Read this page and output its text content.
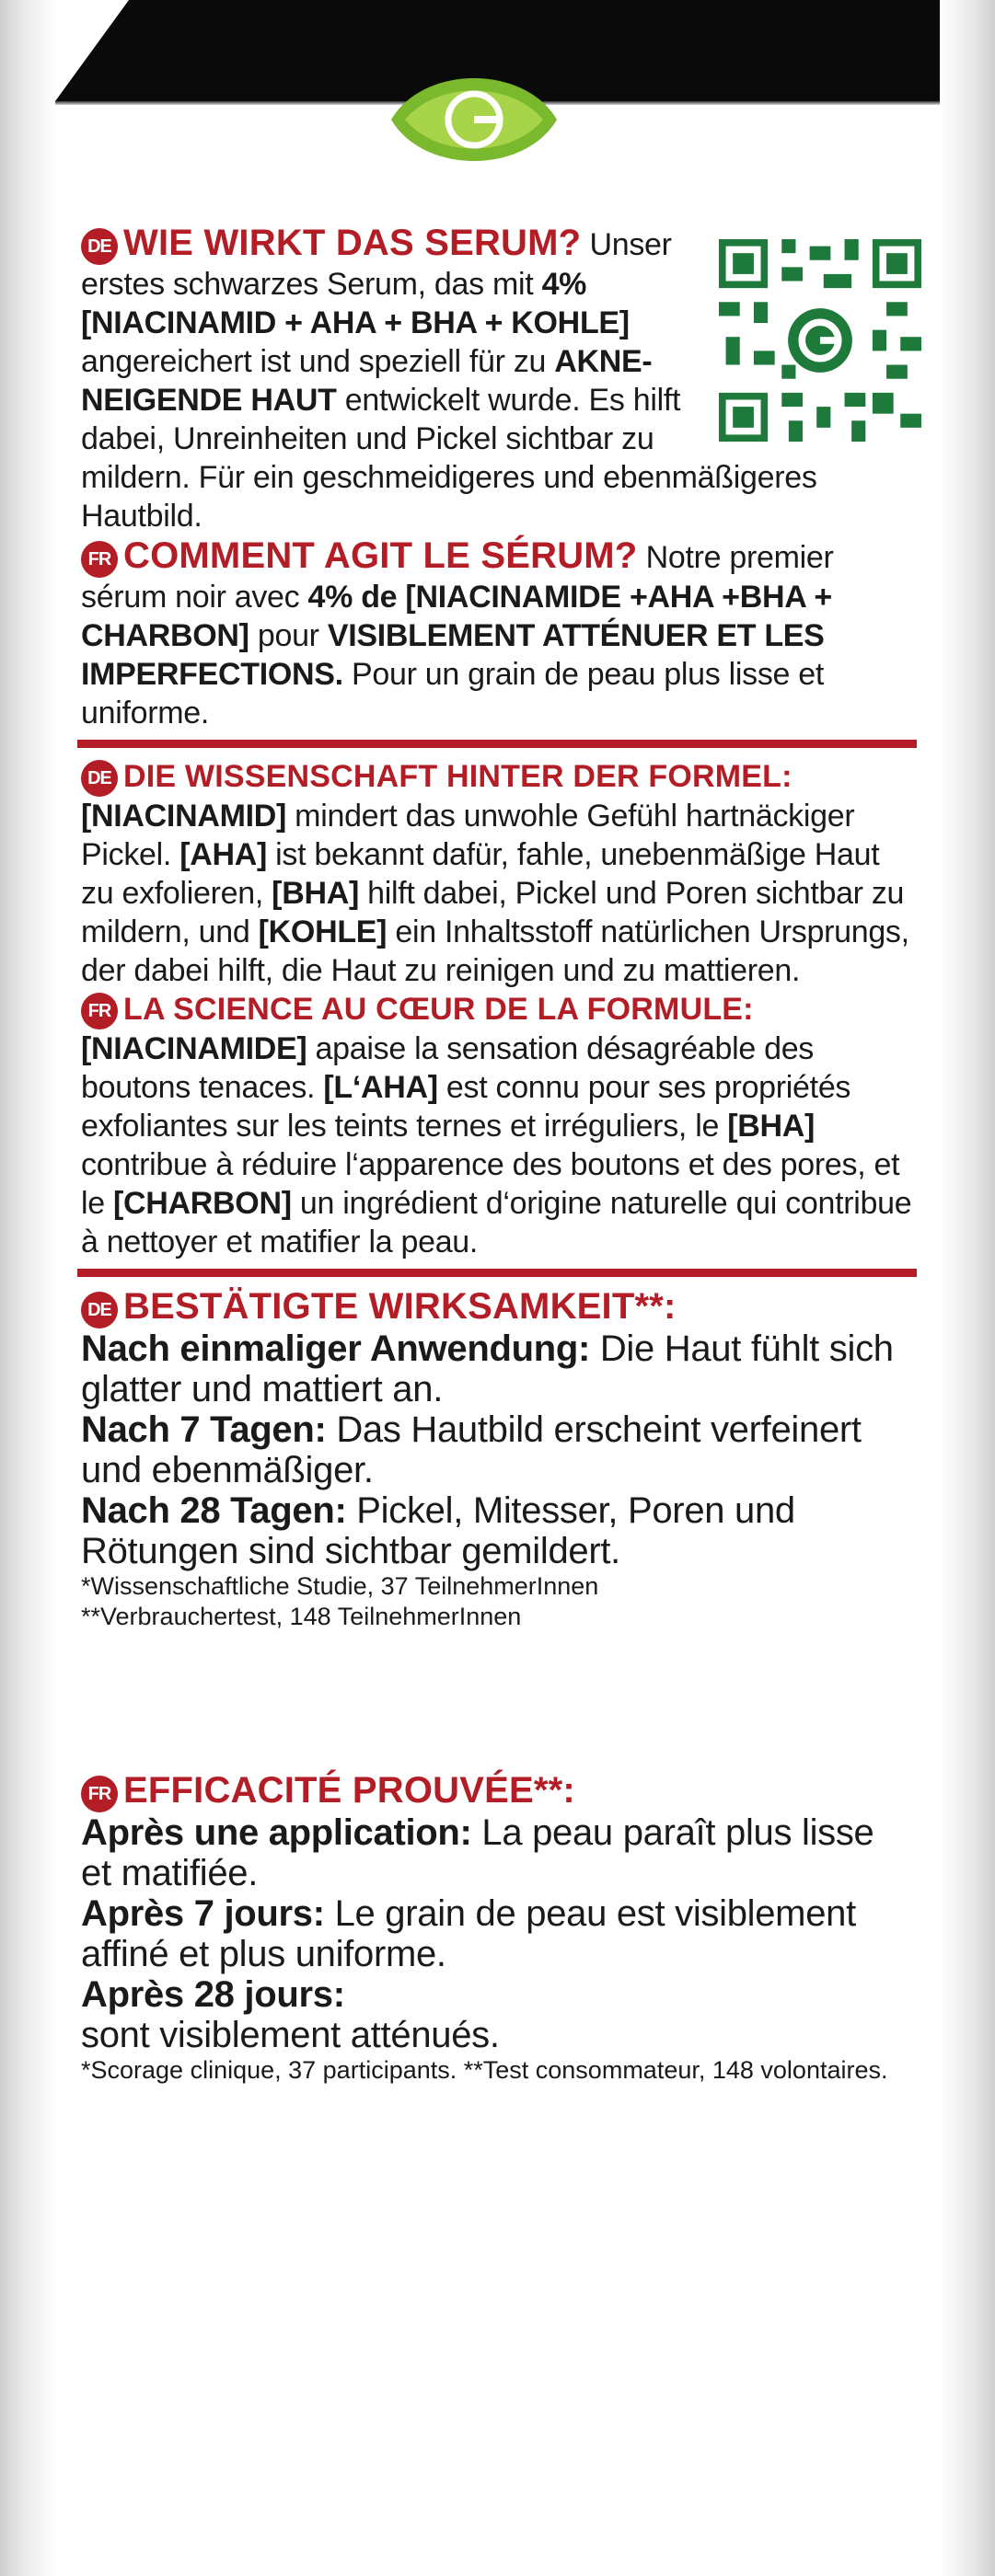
DE WIE WIRKT DAS SERUM? Unser erstes schwarzes Serum, das mit 4% [NIACINAMID + AHA + BHA + KOHLE] angereichert ist und speziell für zu AKNE-NEIGENDE HAUT entwickelt wurde. Es hilft dabei, Unreinheiten und Pickel sichtbar zu mildern. Für ein geschmeidigeres und ebenmäßigeres Hautbild.

FR COMMENT AGIT LE SÉRUM? Notre premier sérum noir avec 4% de [NIACINAMIDE +AHA +BHA + CHARBON] pour VISIBLEMENT ATTÉNUER ET LES IMPERFECTIONS. Pour un grain de peau plus lisse et uniforme.

DE DIE WISSENSCHAFT HINTER DER FORMEL:
[NIACINAMID] mindert das unwohle Gefühl hartnäckiger Pickel. [AHA] ist bekannt dafür, fahle, unebenmäßige Haut zu exfolieren, [BHA] hilft dabei, Pickel und Poren sichtbar zu mildern, und [KOHLE] ein Inhaltsstoff natürlichen Ursprungs, der dabei hilft, die Haut zu reinigen und zu mattieren.

FR LA SCIENCE AU CŒUR DE LA FORMULE:
[NIACINAMIDE] apaise la sensation désagréable des boutons tenaces. [L‘AHA] est connu pour ses propriétés exfoliantes sur les teints ternes et irréguliers, le [BHA] contribue à réduire l‘apparence des boutons et des pores, et le [CHARBON] un ingrédient d‘origine naturelle qui contribue à nettoyer et matifier la peau.

DE BESTÄTIGTE WIRKSAMKEIT**:

Nach einmaliger Anwendung: Die Haut fühlt sich glatter und mattiert an.

Nach 7 Tagen: Das Hautbild erscheint verfeinert und ebenmäßiger.

Nach 28 Tagen: Pickel, Mitesser, Poren und Rötungen sind sichtbar gemildert.

*Wissenschaftliche Studie, 37 TeilnehmerInnen

**Verbrauchertest, 148 TeilnehmerInnen

FR EFFICACITÉ PROUVÉE**:

Après une application: La peau paraît plus lisse et matifiée.

Après 7 jours: Le grain de peau est visiblement affiné et plus uniforme.

Après 28 jours:
sont visiblement atténués.

*Scorage clinique, 37 participants. **Test consommateur, 148 volontaires.
